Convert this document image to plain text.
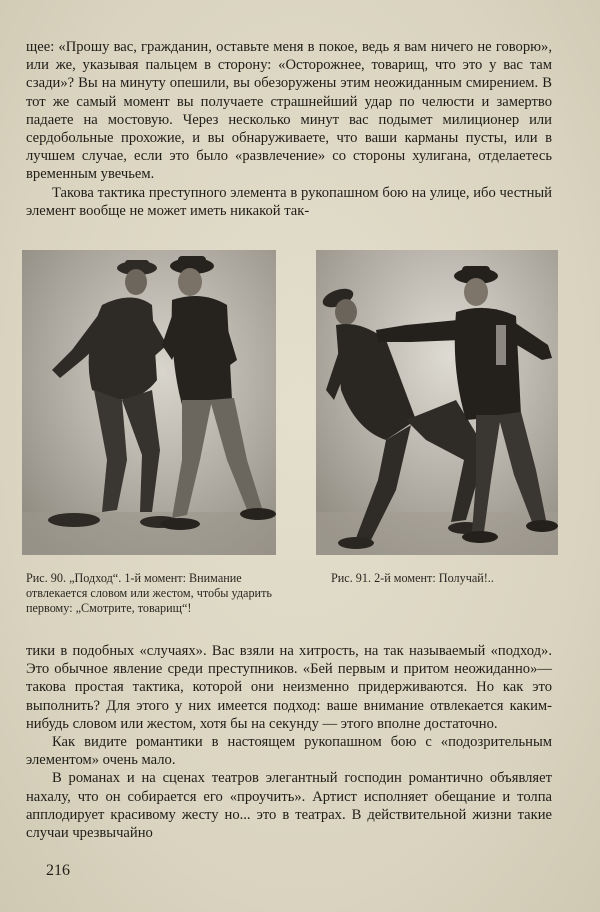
щее: «Прошу вас, гражданин, оставьте меня в покое, ведь я вам ничего не говорю», или же, указывая пальцем в сторону: «Осторожнее, товарищ, что это у вас там сзади»? Вы на минуту опешили, вы обезоружены этим неожиданным смирением. В тот же самый момент вы получаете страшнейший удар по челюсти и замертво падаете на мостовую. Через несколько минут вас подымет милиционер или сердобольные прохожие, и вы обнаруживаете, что ваши карманы пусты, или в лучшем случае, если это было «развлечение» со стороны хулигана, отделаетесь временным увечьем.

Такова тактика преступного элемента в рукопашном бою на улице, ибо честный элемент вообще не может иметь никакой так-

Рис. 90. „Подход“. 1-й момент: Внимание отвлекается словом или жестом, чтобы ударить первому: „Смотрите, товарищ“!
Рис. 91. 2-й момент: Получай!..

тики в подобных «случаях». Вас взяли на хитрость, на так называемый «подход». Это обычное явление среди преступников. «Бей первым и притом неожиданно»—такова простая тактика, которой они неизменно придерживаются. Но как это выполнить? Для этого у них имеется подход: ваше внимание отвлекается каким-нибудь словом или жестом, хотя бы на секунду — этого вполне достаточно.

Как видите романтики в настоящем рукопашном бою с «подозрительным элементом» очень мало.

В романах и на сценах театров элегантный господин романтично объявляет нахалу, что он собирается его «проучить». Артист исполняет обещание и толпа апплодирует красивому жесту но... это в театрах. В действительной жизни такие случаи чрезвычайно

216
